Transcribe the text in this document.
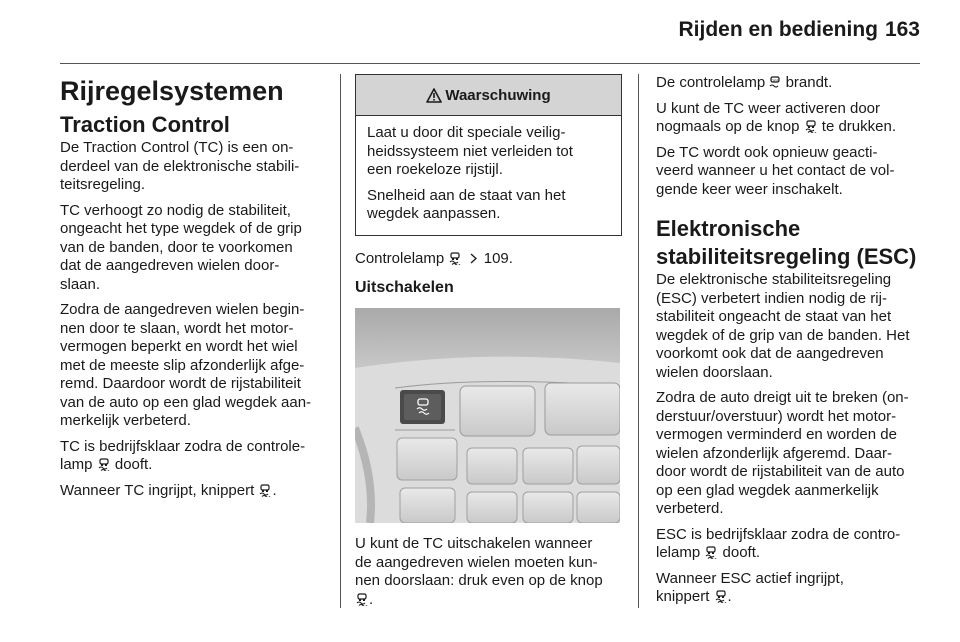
Rijden en bediening 163
Rijregelsystemen
Traction Control

De Traction Control (TC) is een on-
derdeel van de elektronische stabili-
teitsregeling.

TC verhoogt zo nodig de stabiliteit,
ongeacht het type wegdek of de grip
van de banden, door te voorkomen
dat de aangedreven wielen door-
slaan.

Zodra de aangedreven wielen begin-
nen door te slaan, wordt het motor-
vermogen beperkt en wordt het wiel
met de meeste slip afzonderlijk afge-
remd. Daardoor wordt de rijstabiliteit
van de auto op een glad wegdek aan-
merkelijk verbeterd.

TC is bedrijfsklaar zodra de controle-
lamp dooft.

Wanneer TC ingrijpt, knippert .

Waarschuwing

Laat u door dit speciale veilig-
heidssysteem niet verleiden tot
een roekeloze rijstijl.

Snelheid aan de staat van het
wegdek aanpassen.

Controlelamp	109.

Uitschakelen

U kunt de TC uitschakelen wanneer
de aangedreven wielen moeten kun-
nen doorslaan: druk even op de knop
.

De controlelamp OFF brandt.

U kunt de TC weer activeren door
nogmaals op de knop te drukken.

De TC wordt ook opnieuw geacti-
veerd wanneer u het contact de vol-
gende keer weer inschakelt.

Elektronische
stabiliteitsregeling (ESC)

De elektronische stabiliteitsregeling
(ESC) verbetert indien nodig de rij-
stabiliteit ongeacht de staat van het
wegdek of de grip van de banden. Het
voorkomt ook dat de aangedreven
wielen doorslaan.

Zodra de auto dreigt uit te breken (on-
derstuur/overstuur) wordt het motor-
vermogen verminderd en worden de
wielen afzonderlijk afgeremd. Daar-
door wordt de rijstabiliteit van de auto
op een glad wegdek aanmerkelijk
verbeterd.

ESC is bedrijfsklaar zodra de contro-
lelamp dooft.

Wanneer ESC actief ingrijpt,
knippert .
